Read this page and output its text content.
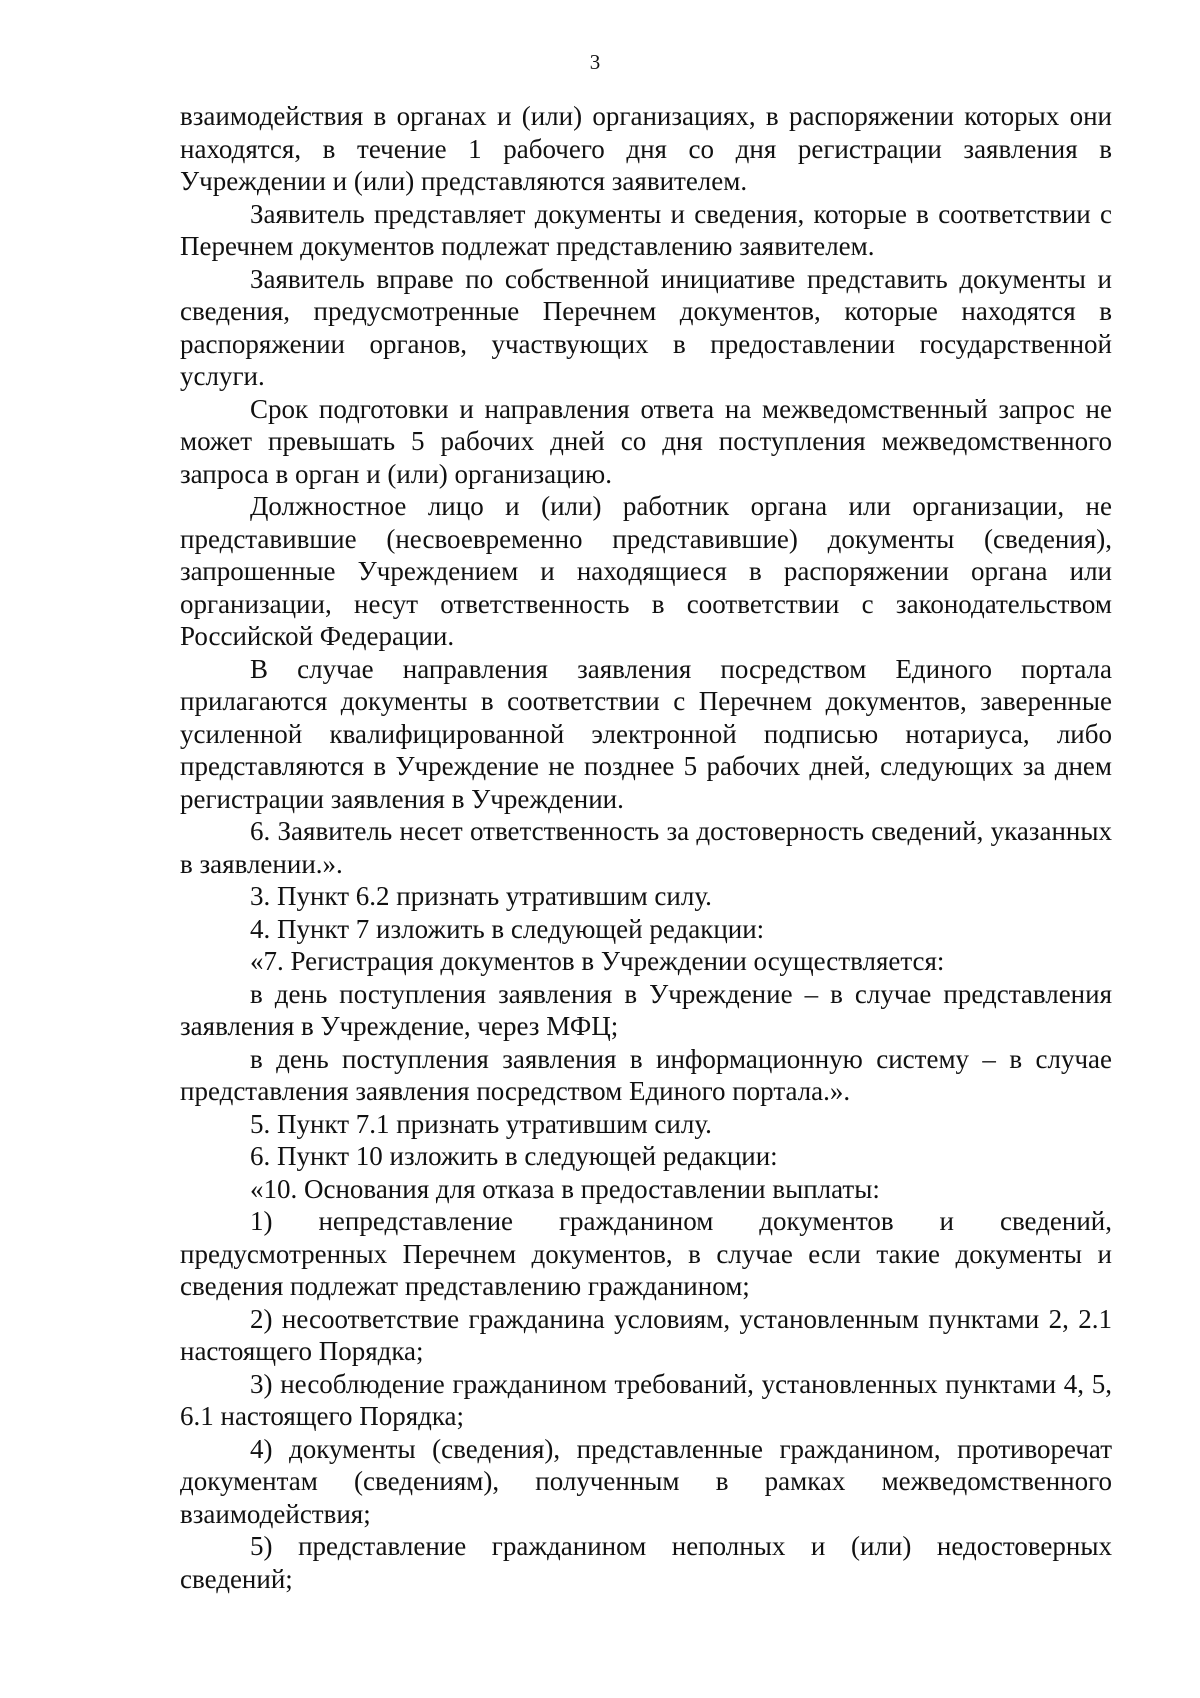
3

взаимодействия в органах и (или) организациях, в распоряжении которых они находятся, в течение 1 рабочего дня со дня регистрации заявления в Учреждении и (или) представляются заявителем.

Заявитель представляет документы и сведения, которые в соответствии с Перечнем документов подлежат представлению заявителем.

Заявитель вправе по собственной инициативе представить документы и сведения, предусмотренные Перечнем документов, которые находятся в распоряжении органов, участвующих в предоставлении государственной услуги.

Срок подготовки и направления ответа на межведомственный запрос не может превышать 5 рабочих дней со дня поступления межведомственного запроса в орган и (или) организацию.

Должностное лицо и (или) работник органа или организации, не представившие (несвоевременно представившие) документы (сведения), запрошенные Учреждением и находящиеся в распоряжении органа или организации, несут ответственность в соответствии с законодательством Российской Федерации.

В случае направления заявления посредством Единого портала прилагаются документы в соответствии с Перечнем документов, заверенные усиленной квалифицированной электронной подписью нотариуса, либо представляются в Учреждение не позднее 5 рабочих дней, следующих за днем регистрации заявления в Учреждении.

6. Заявитель несет ответственность за достоверность сведений, указанных в заявлении.».

3. Пункт 6.2 признать утратившим силу.

4. Пункт 7 изложить в следующей редакции:

«7. Регистрация документов в Учреждении осуществляется:

в день поступления заявления в Учреждение – в случае представления заявления в Учреждение, через МФЦ;

в день поступления заявления в информационную систему – в случае представления заявления посредством Единого портала.».

5. Пункт 7.1 признать утратившим силу.

6. Пункт 10 изложить в следующей редакции:

«10. Основания для отказа в предоставлении выплаты:

1) непредставление гражданином документов и сведений, предусмотренных Перечнем документов, в случае если такие документы и сведения подлежат представлению гражданином;

2) несоответствие гражданина условиям, установленным пунктами 2, 2.1 настоящего Порядка;

3) несоблюдение гражданином требований, установленных пунктами 4, 5, 6.1 настоящего Порядка;

4) документы (сведения), представленные гражданином, противоречат документам (сведениям), полученным в рамках межведомственного взаимодействия;

5) представление гражданином неполных и (или) недостоверных сведений;
